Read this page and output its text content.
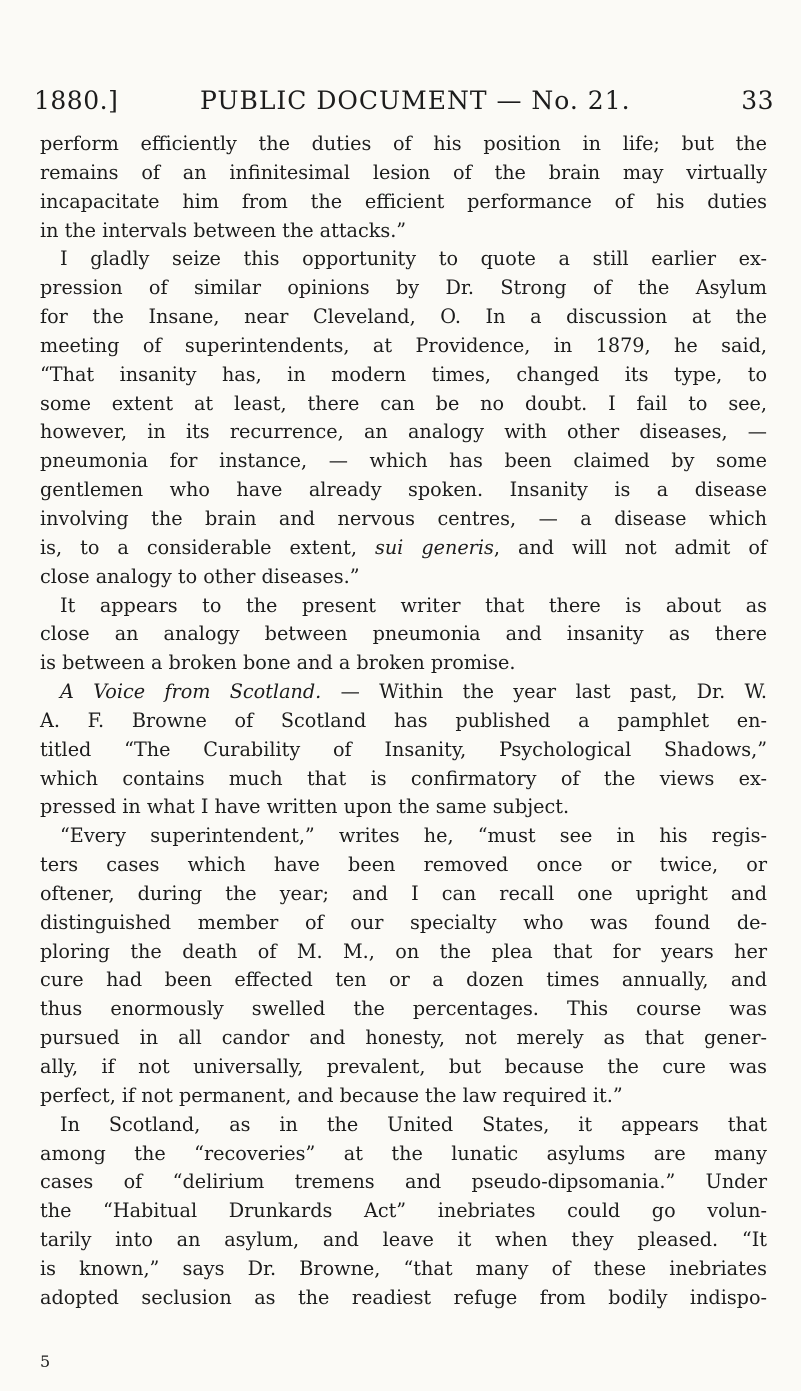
1880.]	PUBLIC DOCUMENT — No. 21.	33
perform efficiently the duties of his position in life; but the
remains of an infinitesimal lesion of the brain may virtually
incapacitate him from the efficient performance of his duties
in the intervals between the attacks.”
I gladly seize this opportunity to quote a still earlier ex-
pression of similar opinions by Dr. Strong of the Asylum
for the Insane, near Cleveland, O. In a discussion at the
meeting of superintendents, at Providence, in 1879, he said,
“That insanity has, in modern times, changed its type, to
some extent at least, there can be no doubt. I fail to see,
however, in its recurrence, an analogy with other diseases, —
pneumonia for instance, — which has been claimed by some
gentlemen who have already spoken. Insanity is a disease
involving the brain and nervous centres, — a disease which
is, to a considerable extent, sui generis, and will not admit of
close analogy to other diseases.”
It appears to the present writer that there is about as
close an analogy between pneumonia and insanity as there
is between a broken bone and a broken promise.
A Voice from Scotland. — Within the year last past, Dr. W.
A. F. Browne of Scotland has published a pamphlet en-
titled “The Curability of Insanity, Psychological Shadows,”
which contains much that is confirmatory of the views ex-
pressed in what I have written upon the same subject.
“Every superintendent,” writes he, “must see in his regis-
ters cases which have been removed once or twice, or
oftener, during the year; and I can recall one upright and
distinguished member of our specialty who was found de-
ploring the death of M. M., on the plea that for years her
cure had been effected ten or a dozen times annually, and
thus enormously swelled the percentages. This course was
pursued in all candor and honesty, not merely as that gener-
ally, if not universally, prevalent, but because the cure was
perfect, if not permanent, and because the law required it.”
In Scotland, as in the United States, it appears that
among the “recoveries” at the lunatic asylums are many
cases of “delirium tremens and pseudo-dipsomania.” Under
the “Habitual Drunkards Act” inebriates could go volun-
tarily into an asylum, and leave it when they pleased. “It
is known,” says Dr. Browne, “that many of these inebriates
adopted seclusion as the readiest refuge from bodily indispo-
5
